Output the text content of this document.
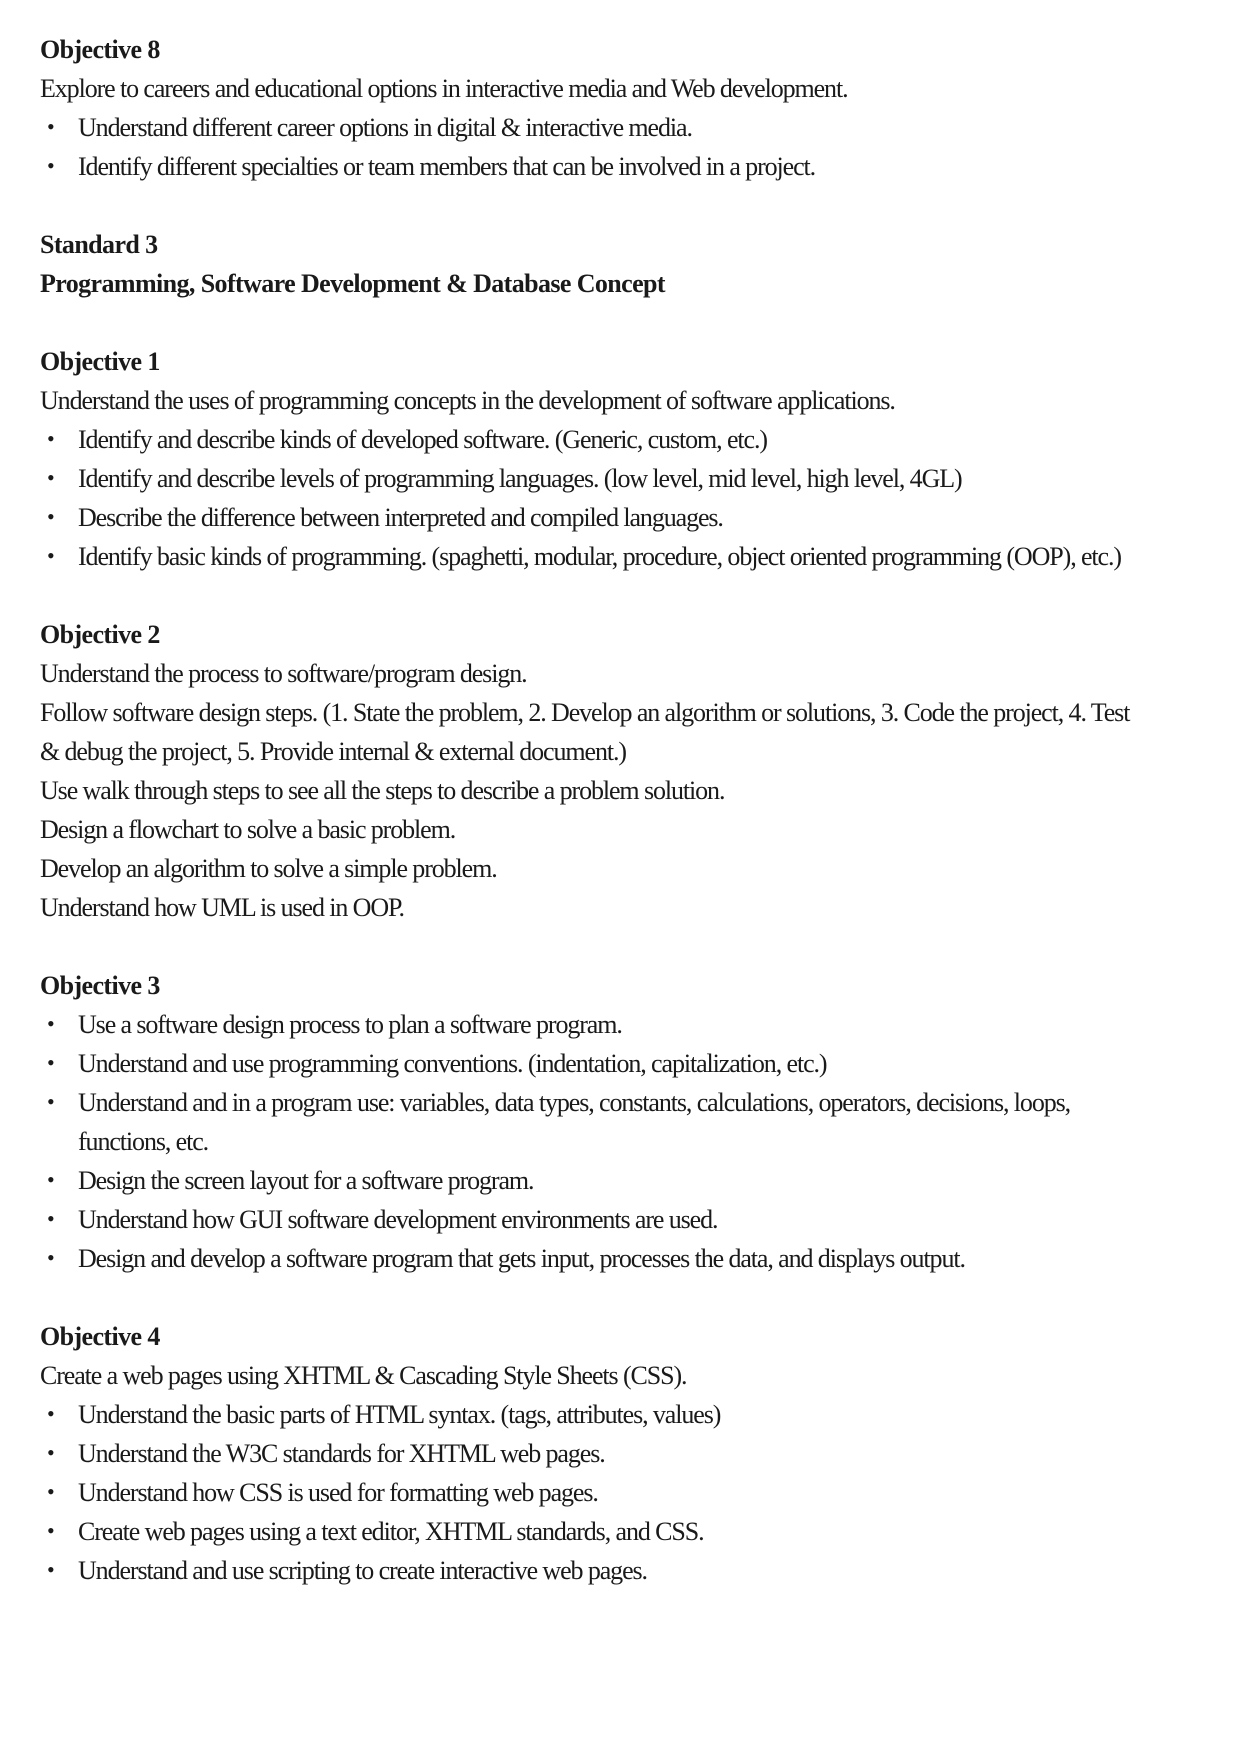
Objective 8
Explore to careers and educational options in interactive media and Web development.
• Understand different career options in digital & interactive media.
• Identify different specialties or team members that can be involved in a project.
Standard 3
Programming, Software Development & Database Concept
Objective 1
Understand the uses of programming concepts in the development of software applications.
• Identify and describe kinds of developed software. (Generic, custom, etc.)
• Identify and describe levels of programming languages. (low level, mid level, high level, 4GL)
• Describe the difference between interpreted and compiled languages.
• Identify basic kinds of programming. (spaghetti, modular, procedure, object oriented programming (OOP), etc.)
Objective 2
Understand the process to software/program design.
Follow software design steps. (1. State the problem, 2. Develop an algorithm or solutions, 3. Code the project, 4. Test & debug the project, 5. Provide internal & external document.)
Use walk through steps to see all the steps to describe a problem solution.
Design a flowchart to solve a basic problem.
Develop an algorithm to solve a simple problem.
Understand how UML is used in OOP.
Objective 3
• Use a software design process to plan a software program.
• Understand and use programming conventions. (indentation, capitalization, etc.)
• Understand and in a program use: variables, data types, constants, calculations, operators, decisions, loops, functions, etc.
• Design the screen layout for a software program.
• Understand how GUI software development environments are used.
• Design and develop a software program that gets input, processes the data, and displays output.
Objective 4
Create a web pages using XHTML & Cascading Style Sheets (CSS).
• Understand the basic parts of HTML syntax. (tags, attributes, values)
• Understand the W3C standards for XHTML web pages.
• Understand how CSS is used for formatting web pages.
• Create web pages using a text editor, XHTML standards, and CSS.
• Understand and use scripting to create interactive web pages.
